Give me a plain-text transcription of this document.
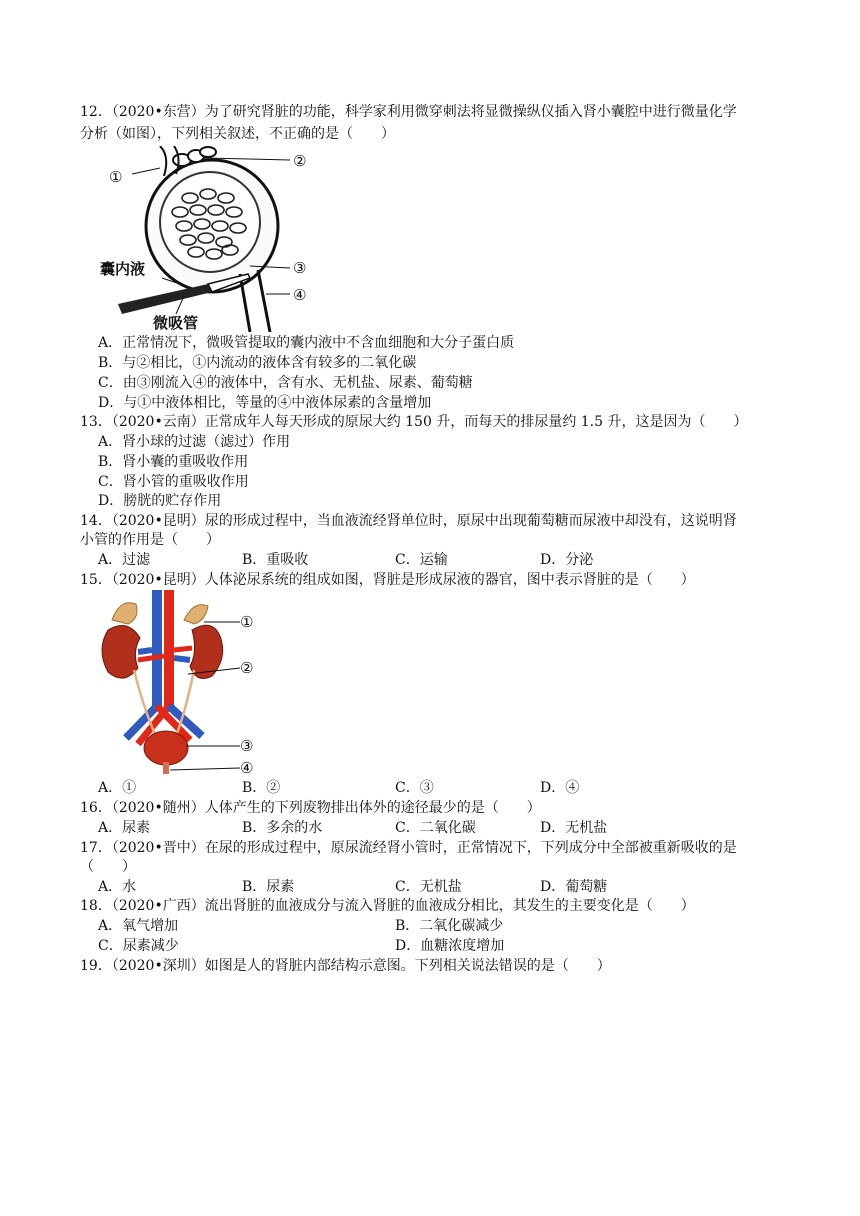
12．（2020•东营）为了研究肾脏的功能，科学家利用微穿刺法将显微操纵仪插入肾小囊腔中进行微量化学
分析（如图），下列相关叙述，不正确的是（　　）
①
②
③
④
囊内液
微吸管
A．正常情况下，微吸管提取的囊内液中不含血细胞和大分子蛋白质
B．与②相比，①内流动的液体含有较多的二氧化碳
C．由③刚流入④的液体中，含有水、无机盐、尿素、葡萄糖
D．与①中液体相比，等量的④中液体尿素的含量增加
13．（2020•云南）正常成年人每天形成的原尿大约 150 升，而每天的排尿量约 1.5 升，这是因为（　　）
A．肾小球的过滤（滤过）作用
B．肾小囊的重吸收作用
C．肾小管的重吸收作用
D．膀胱的贮存作用
14．（2020•昆明）尿的形成过程中，当血液流经肾单位时，原尿中出现葡萄糖而尿液中却没有，这说明肾
小管的作用是（　　）
A．过滤	B．重吸收	C．运输	D．分泌
15．（2020•昆明）人体泌尿系统的组成如图，肾脏是形成尿液的器官，图中表示肾脏的是（　　）
①
②
③
④
A．①	B．②	C．③	D．④
16．（2020•随州）人体产生的下列废物排出体外的途径最少的是（　　）
A．尿素	B．多余的水	C．二氧化碳	D．无机盐
17．（2020•晋中）在尿的形成过程中，原尿流经肾小管时，正常情况下，下列成分中全部被重新吸收的是
（　　）
A．水	B．尿素	C．无机盐	D．葡萄糖
18．（2020•广西）流出肾脏的血液成分与流入肾脏的血液成分相比，其发生的主要变化是（　　）
A．氧气增加	B．二氧化碳减少
C．尿素减少	D．血糖浓度增加
19．（2020•深圳）如图是人的肾脏内部结构示意图。下列相关说法错误的是（　　）
